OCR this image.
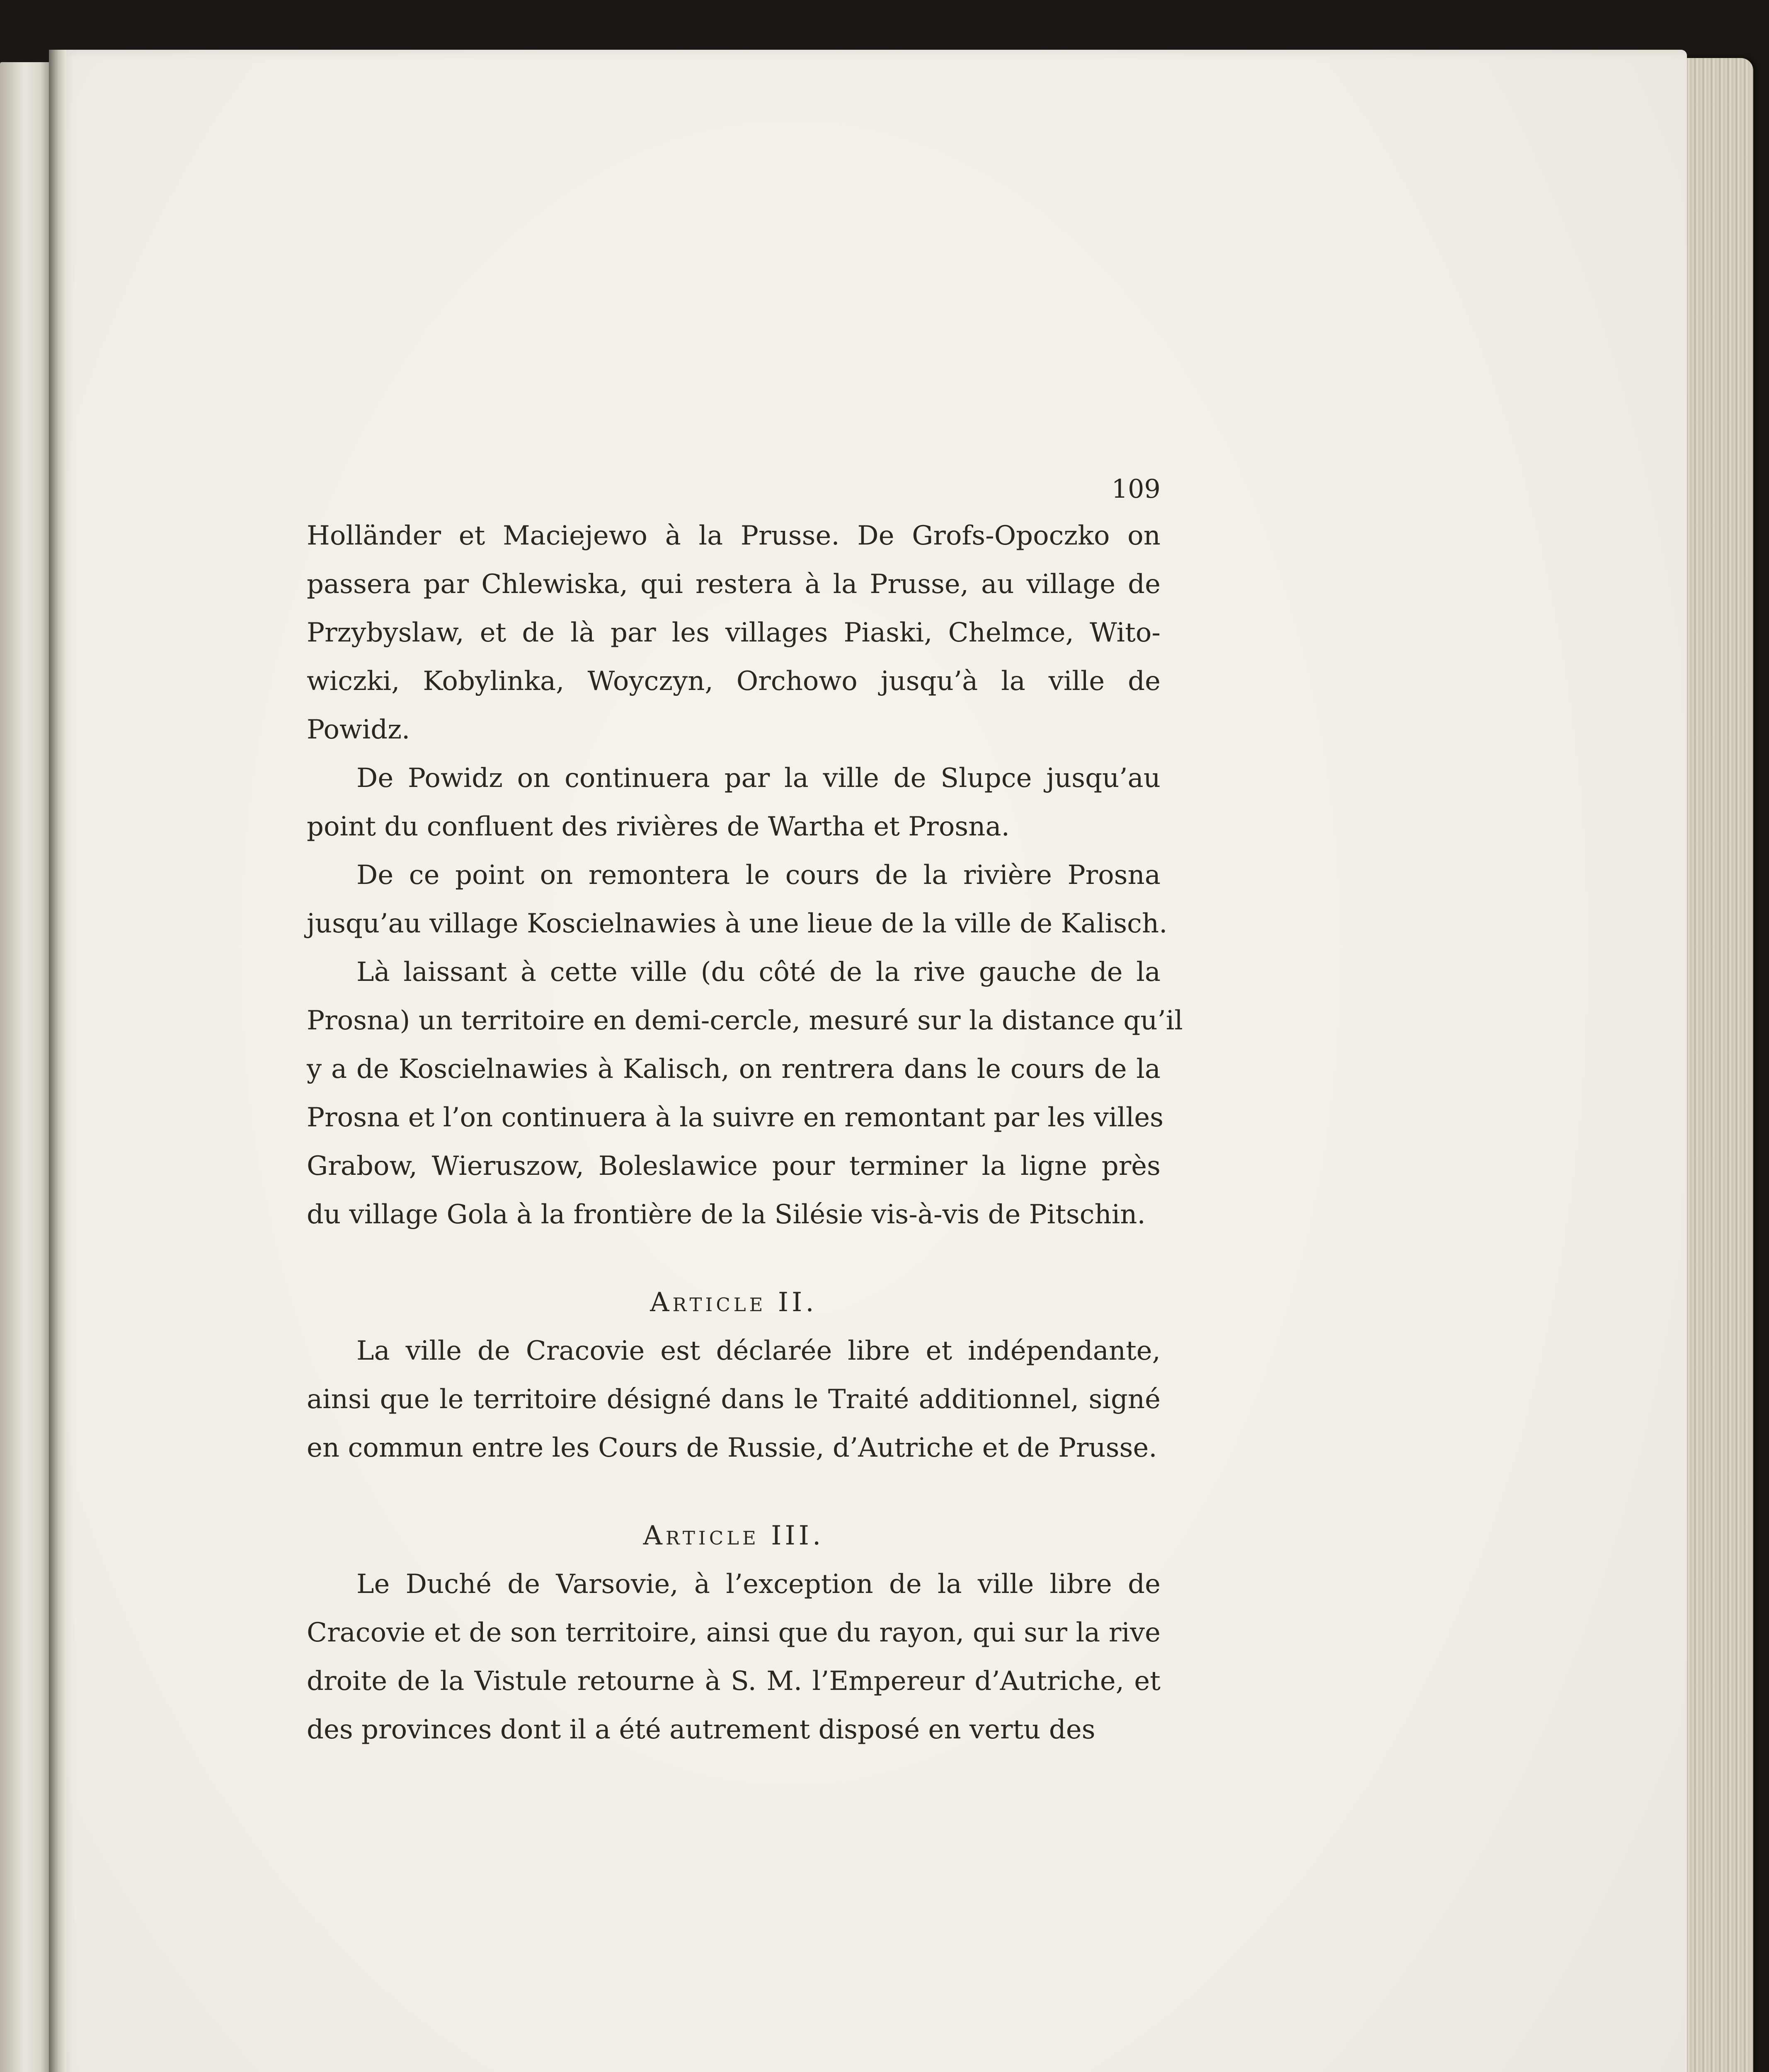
109
Holländer et Maciejewo à la Prusse. De Grofs-Opoczko on
passera par Chlewiska, qui restera à la Prusse, au village de
Przybyslaw, et de là par les villages Piaski, Chelmce, Wito-
wiczki, Kobylinka, Woyczyn, Orchowo jusqu’à la ville de
Powidz.
De Powidz on continuera par la ville de Slupce jusqu’au
point du confluent des rivières de Wartha et Prosna.
De ce point on remontera le cours de la rivière Prosna
jusqu’au village Koscielnawies à une lieue de la ville de Kalisch.
Là laissant à cette ville (du côté de la rive gauche de la
Prosna) un territoire en demi-cercle, mesuré sur la distance qu’il
y a de Koscielnawies à Kalisch, on rentrera dans le cours de la
Prosna et l’on continuera à la suivre en remontant par les villes
Grabow, Wieruszow, Boleslawice pour terminer la ligne près
du village Gola à la frontière de la Silésie vis-à-vis de Pitschin.
Article II.
La ville de Cracovie est déclarée libre et indépendante,
ainsi que le territoire désigné dans le Traité additionnel, signé
en commun entre les Cours de Russie, d’Autriche et de Prusse.
Article III.
Le Duché de Varsovie, à l’exception de la ville libre de
Cracovie et de son territoire, ainsi que du rayon, qui sur la rive
droite de la Vistule retourne à S. M. l’Empereur d’Autriche, et
des provinces dont il a été autrement disposé en vertu des
